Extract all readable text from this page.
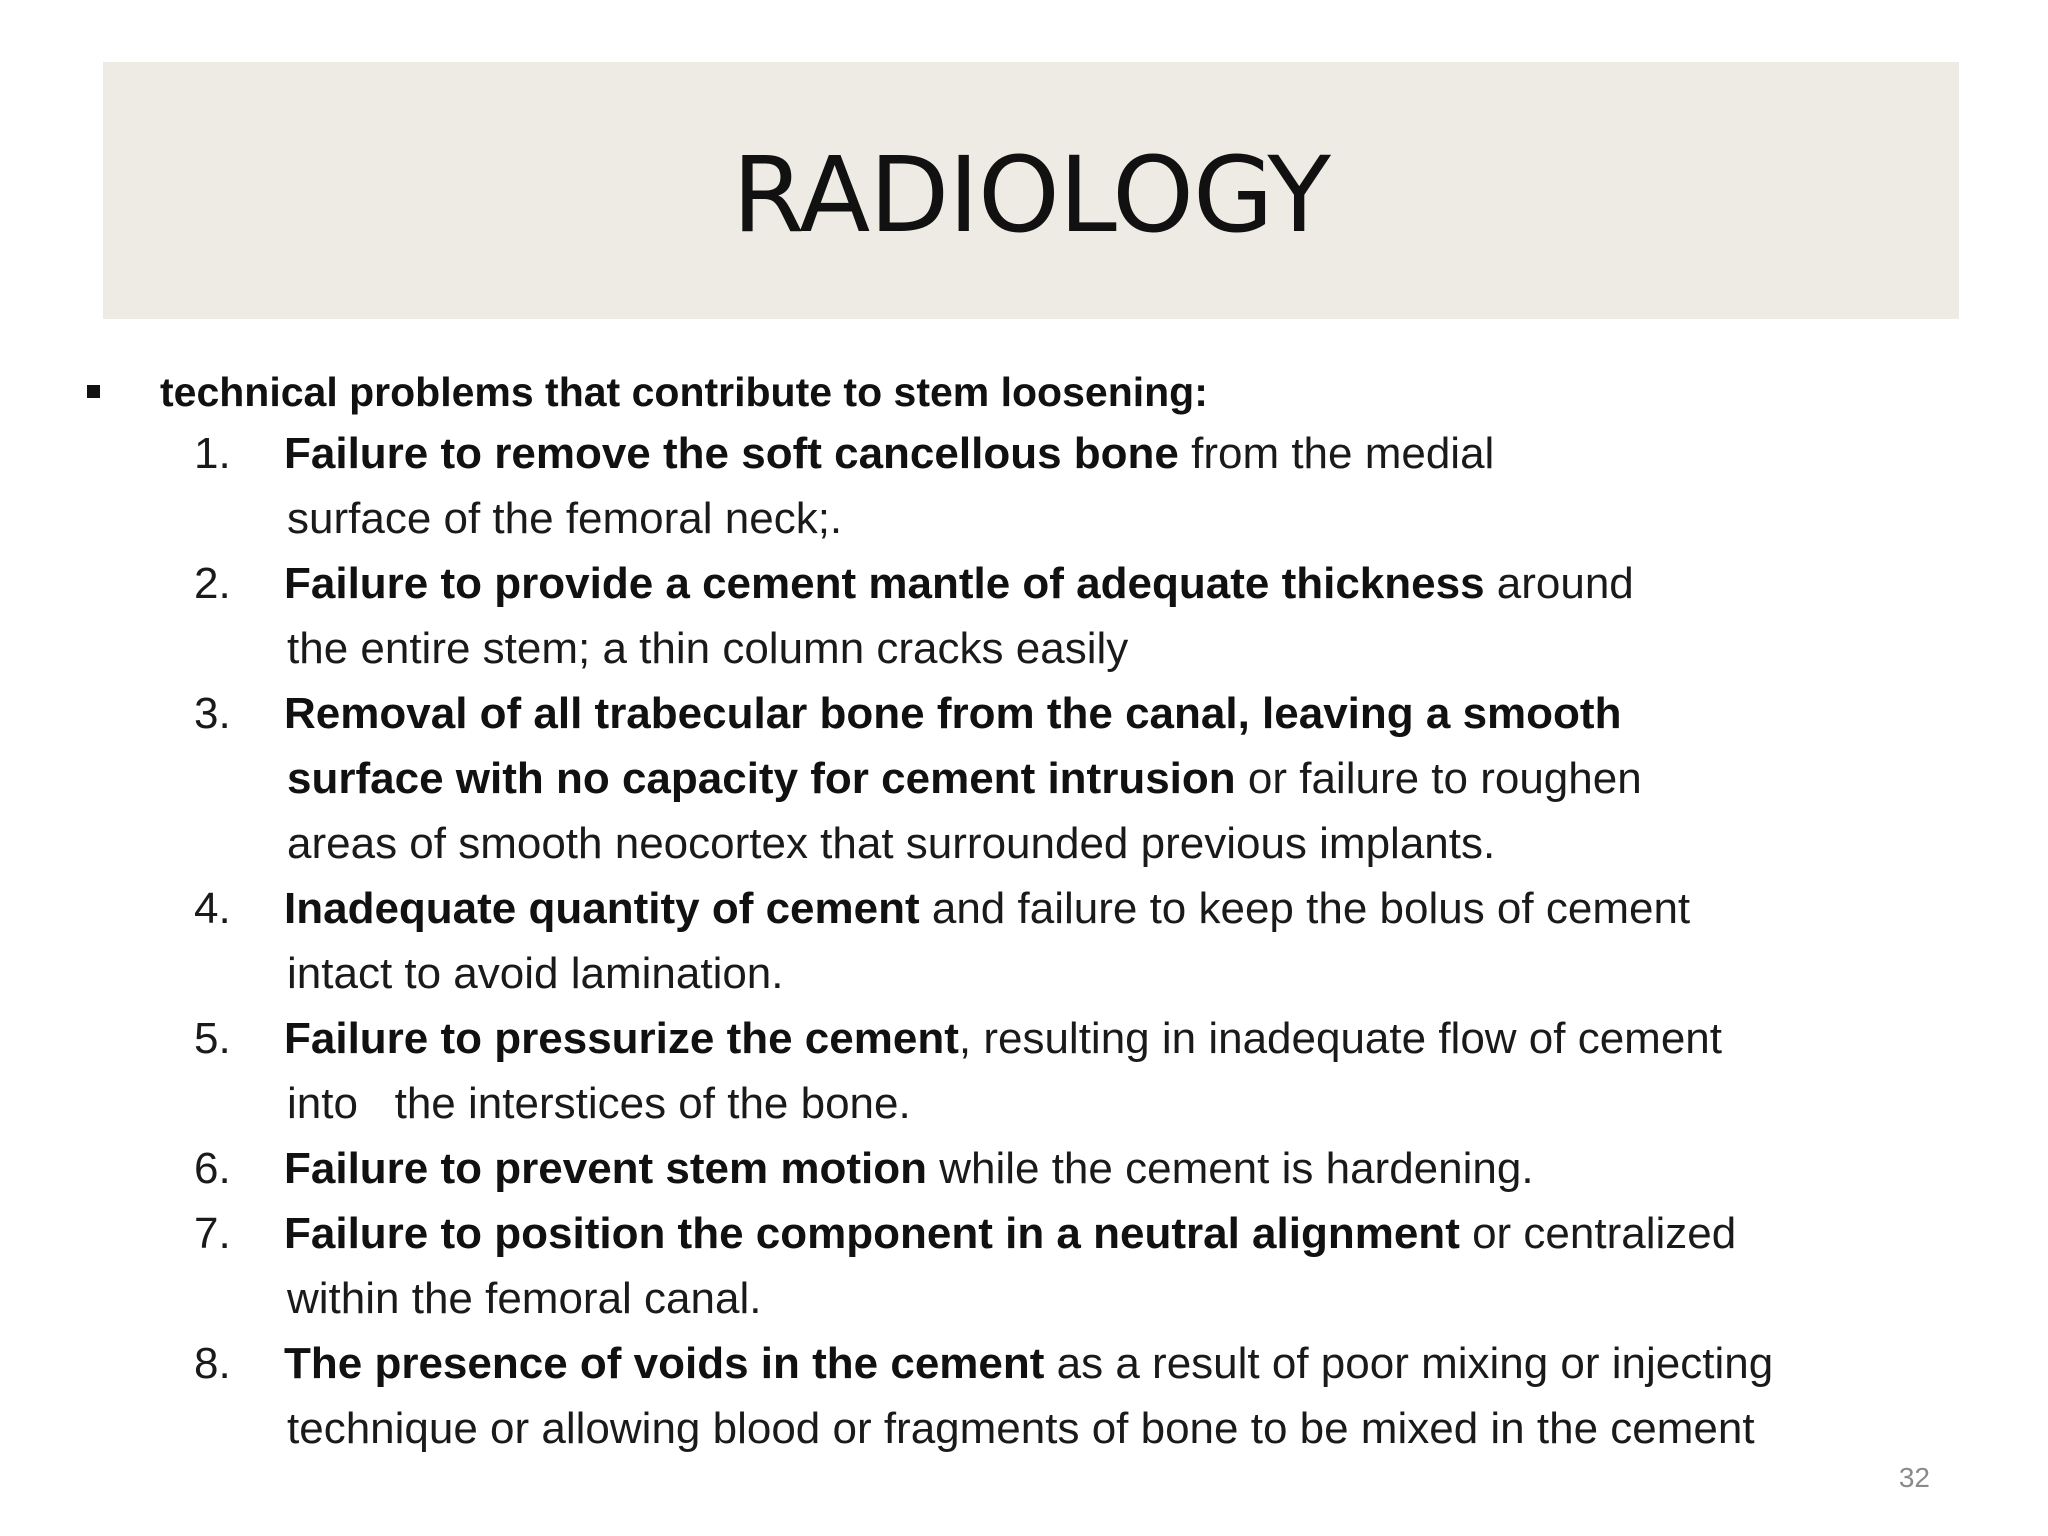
RADIOLOGY
technical problems that contribute to stem loosening:
1.	Failure to remove the soft cancellous bone from the medial
surface of the femoral neck;.
2.	Failure to provide a cement mantle of adequate thickness around
the entire stem; a thin column cracks easily
3.	Removal of all trabecular bone from the canal, leaving a smooth
surface with no capacity for cement intrusion or failure to roughen
areas of smooth neocortex that surrounded previous implants.
4.	Inadequate quantity of cement and failure to keep the bolus of cement
intact to avoid lamination.
5.	Failure to pressurize the cement, resulting in inadequate flow of cement
into   the interstices of the bone.
6.	Failure to prevent stem motion while the cement is hardening.
7.	Failure to position the component in a neutral alignment or centralized
within the femoral canal.
8.	The presence of voids in the cement as a result of poor mixing or injecting
technique or allowing blood or fragments of bone to be mixed in the cement
32
